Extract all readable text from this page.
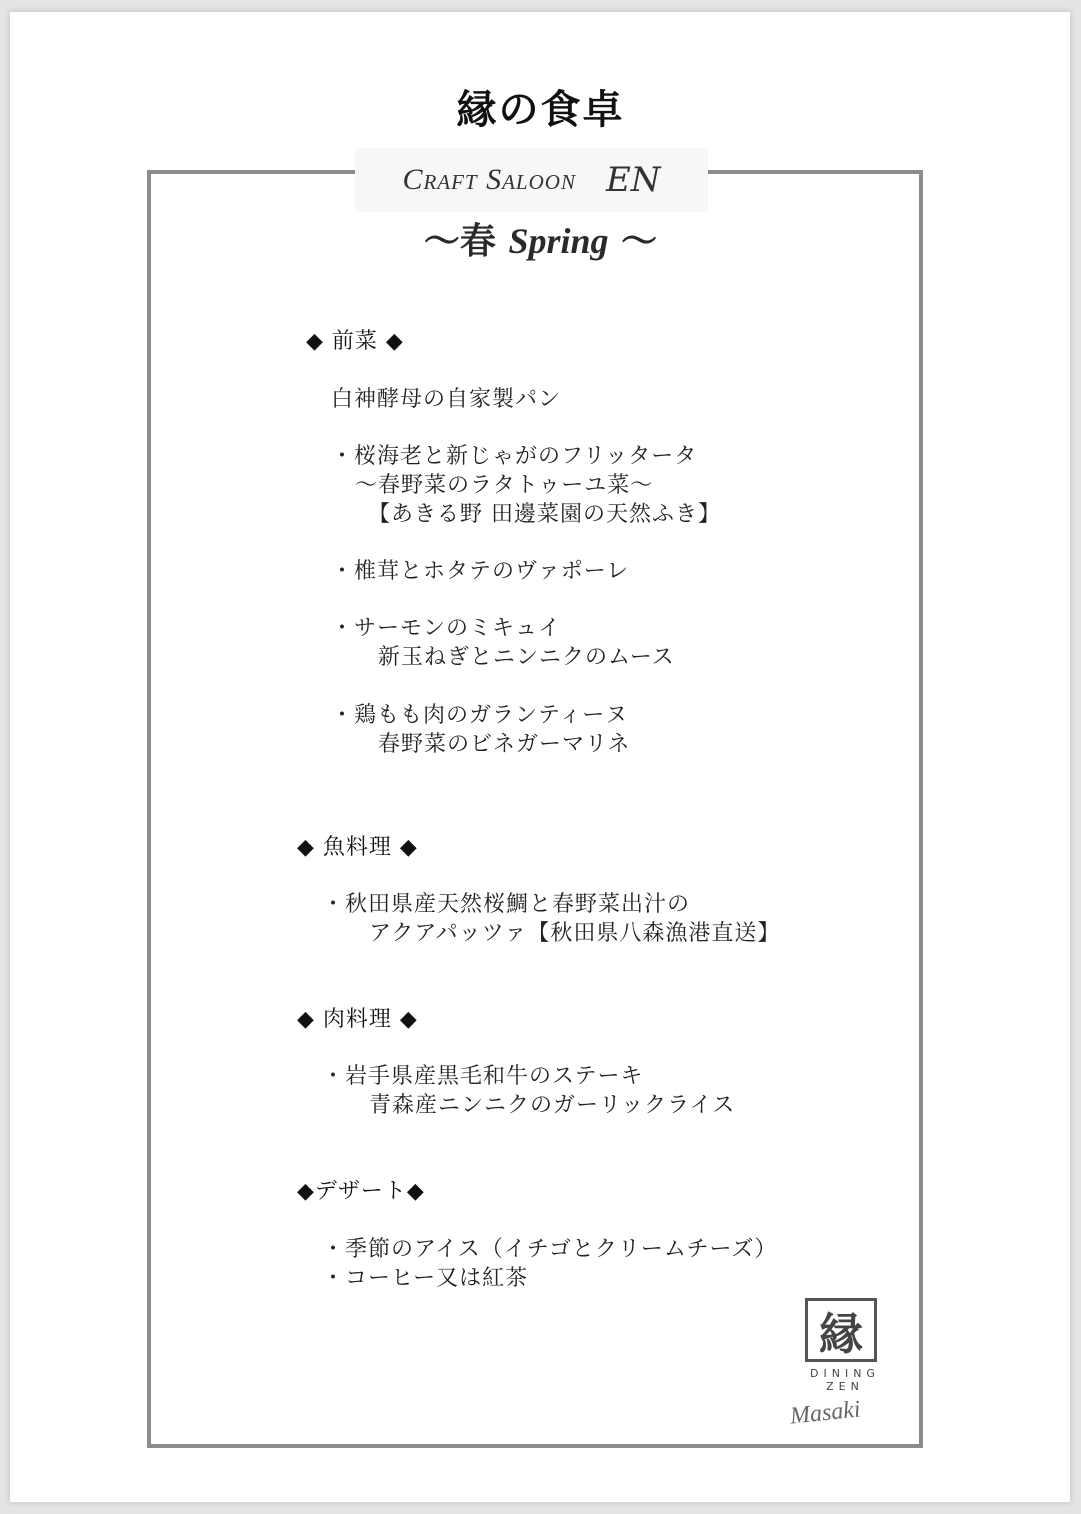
縁の食卓
Craft Saloon EN
～春 Spring ～
◆ 前菜 ◆
白神酵母の自家製パン
・桜海老と新じゃがのフリッタータ
～春野菜のラタトゥーユ菜～
【あきる野 田邊菜園の天然ふき】
・椎茸とホタテのヴァポーレ
・サーモンのミキュイ
新玉ねぎとニンニクのムース
・鶏もも肉のガランティーヌ
春野菜のビネガーマリネ
◆ 魚料理 ◆
・秋田県産天然桜鯛と春野菜出汁の
アクアパッツァ【秋田県八森漁港直送】
◆ 肉料理 ◆
・岩手県産黒毛和牛のステーキ
青森産ニンニクのガーリックライス
◆デザート◆
・季節のアイス（イチゴとクリームチーズ）
・コーヒー又は紅茶
縁
DINING
ZEN
Masaki
